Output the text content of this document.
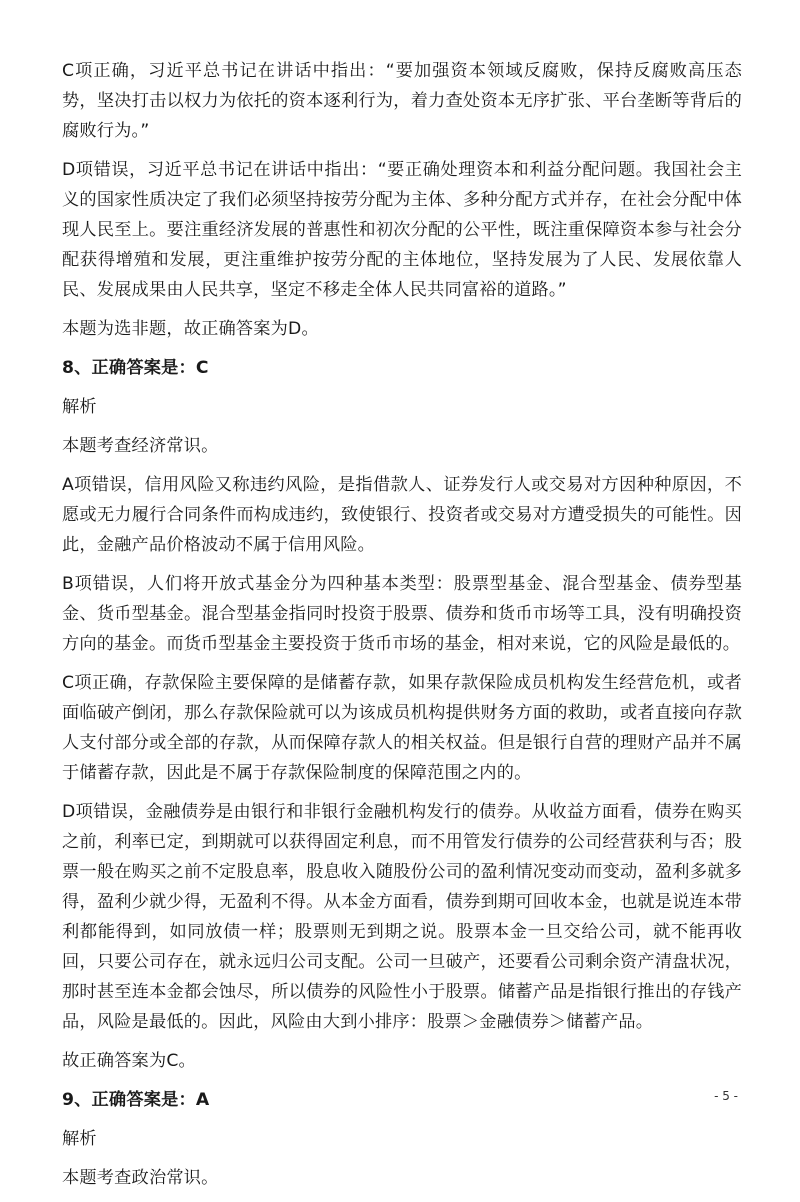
C项正确，习近平总书记在讲话中指出：“要加强资本领域反腐败，保持反腐败高压态势，坚决打击以权力为依托的资本逐利行为，着力查处资本无序扩张、平台垄断等背后的腐败行为。”

D项错误，习近平总书记在讲话中指出：“要正确处理资本和利益分配问题。我国社会主义的国家性质决定了我们必须坚持按劳分配为主体、多种分配方式并存，在社会分配中体现人民至上。要注重经济发展的普惠性和初次分配的公平性，既注重保障资本参与社会分配获得增殖和发展，更注重维护按劳分配的主体地位，坚持发展为了人民、发展依靠人民、发展成果由人民共享，坚定不移走全体人民共同富裕的道路。”

本题为选非题，故正确答案为D。

8、正确答案是：C

解析

本题考查经济常识。

A项错误，信用风险又称违约风险，是指借款人、证券发行人或交易对方因种种原因，不愿或无力履行合同条件而构成违约，致使银行、投资者或交易对方遭受损失的可能性。因此，金融产品价格波动不属于信用风险。

B项错误，人们将开放式基金分为四种基本类型：股票型基金、混合型基金、债券型基金、货币型基金。混合型基金指同时投资于股票、债券和货币市场等工具，没有明确投资方向的基金。而货币型基金主要投资于货币市场的基金，相对来说，它的风险是最低的。

C项正确，存款保险主要保障的是储蓄存款，如果存款保险成员机构发生经营危机，或者面临破产倒闭，那么存款保险就可以为该成员机构提供财务方面的救助，或者直接向存款人支付部分或全部的存款，从而保障存款人的相关权益。但是银行自营的理财产品并不属于储蓄存款，因此是不属于存款保险制度的保障范围之内的。

D项错误，金融债券是由银行和非银行金融机构发行的债券。从收益方面看，债券在购买之前，利率已定，到期就可以获得固定利息，而不用管发行债券的公司经营获利与否；股票一般在购买之前不定股息率，股息收入随股份公司的盈利情况变动而变动，盈利多就多得，盈利少就少得，无盈利不得。从本金方面看，债券到期可回收本金，也就是说连本带利都能得到，如同放债一样；股票则无到期之说。股票本金一旦交给公司，就不能再收回，只要公司存在，就永远归公司支配。公司一旦破产，还要看公司剩余资产清盘状况，那时甚至连本金都会蚀尽，所以债券的风险性小于股票。储蓄产品是指银行推出的存钱产品，风险是最低的。因此，风险由大到小排序：股票＞金融债券＞储蓄产品。

故正确答案为C。

9、正确答案是：A

解析

本题考查政治常识。

- 5 -
